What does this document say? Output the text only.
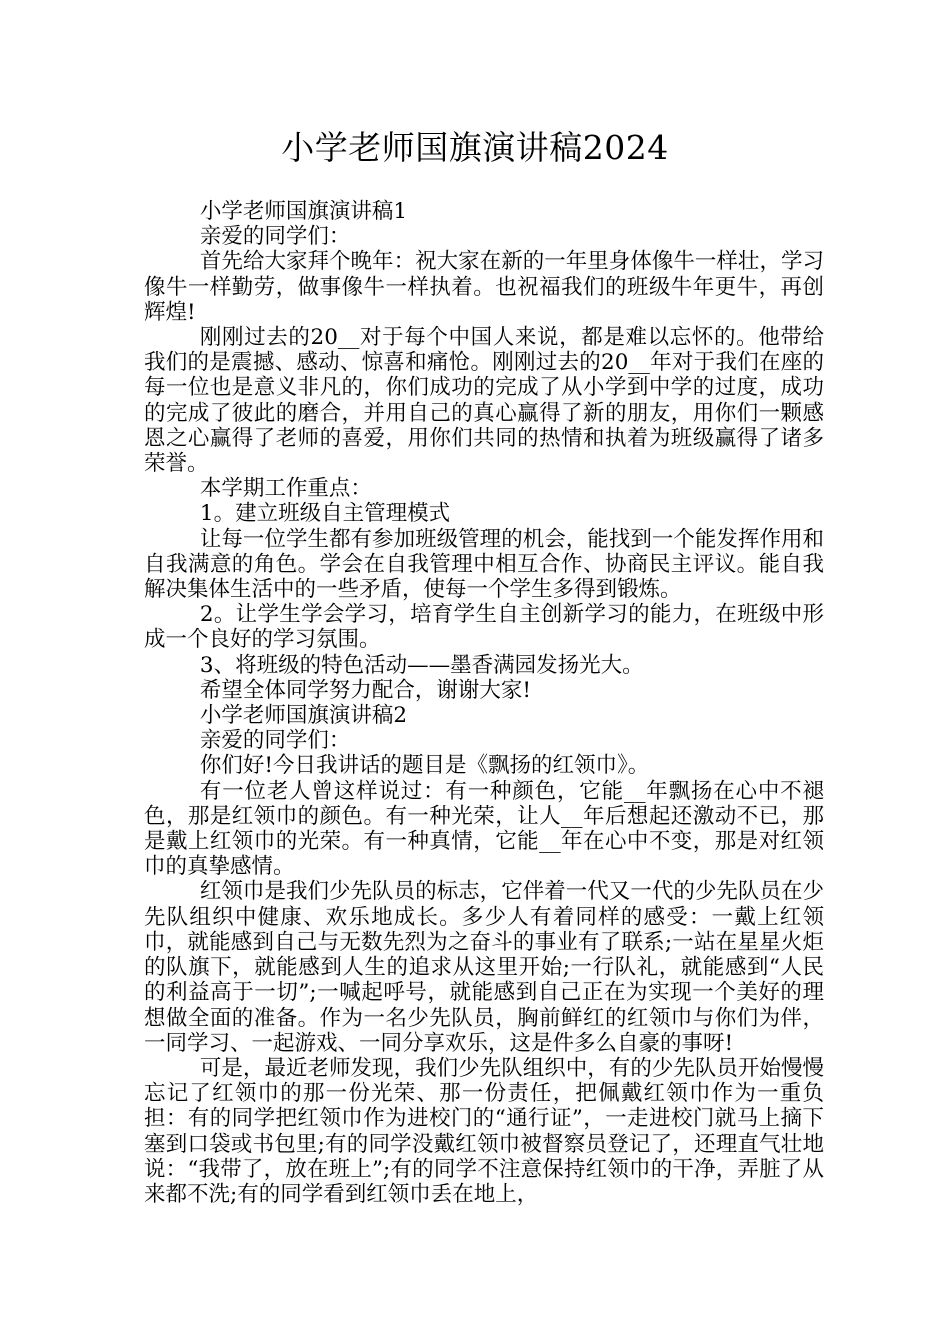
小学老师国旗演讲稿2024

小学老师国旗演讲稿1

亲爱的同学们：

首先给大家拜个晚年：祝大家在新的一年里身体像牛一样壮，学习像牛一样勤劳，做事像牛一样执着。也祝福我们的班级牛年更牛，再创辉煌!

刚刚过去的20__对于每个中国人来说，都是难以忘怀的。他带给我们的是震撼、感动、惊喜和痛怆。刚刚过去的20__年对于我们在座的每一位也是意义非凡的，你们成功的完成了从小学到中学的过度，成功的完成了彼此的磨合，并用自己的真心赢得了新的朋友，用你们一颗感恩之心赢得了老师的喜爱，用你们共同的热情和执着为班级赢得了诸多荣誉。

本学期工作重点：

1。建立班级自主管理模式

让每一位学生都有参加班级管理的机会，能找到一个能发挥作用和自我满意的角色。学会在自我管理中相互合作、协商民主评议。能自我解决集体生活中的一些矛盾，使每一个学生多得到锻炼。

2。让学生学会学习，培育学生自主创新学习的能力，在班级中形成一个良好的学习氛围。

3、将班级的特色活动——墨香满园发扬光大。

希望全体同学努力配合，谢谢大家!

小学老师国旗演讲稿2

亲爱的同学们：

你们好!今日我讲话的题目是《飘扬的红领巾》。

有一位老人曾这样说过：有一种颜色，它能__年飘扬在心中不褪色，那是红领巾的颜色。有一种光荣，让人__年后想起还激动不已，那是戴上红领巾的光荣。有一种真情，它能__年在心中不变，那是对红领巾的真挚感情。

红领巾是我们少先队员的标志，它伴着一代又一代的少先队员在少先队组织中健康、欢乐地成长。多少人有着同样的感受：一戴上红领巾，就能感到自己与无数先烈为之奋斗的事业有了联系;一站在星星火炬的队旗下，就能感到人生的追求从这里开始;一行队礼，就能感到“人民的利益高于一切”;一喊起呼号，就能感到自己正在为实现一个美好的理想做全面的准备。作为一名少先队员，胸前鲜红的红领巾与你们为伴，一同学习、一起游戏、一同分享欢乐，这是件多么自豪的事呀!

可是，最近老师发现，我们少先队组织中，有的少先队员开始慢慢忘记了红领巾的那一份光荣、那一份责任，把佩戴红领巾作为一重负担：有的同学把红领巾作为进校门的“通行证”，一走进校门就马上摘下塞到口袋或书包里;有的同学没戴红领巾被督察员登记了，还理直气壮地说：“我带了，放在班上”;有的同学不注意保持红领巾的干净，弄脏了从来都不洗;有的同学看到红领巾丢在地上，
